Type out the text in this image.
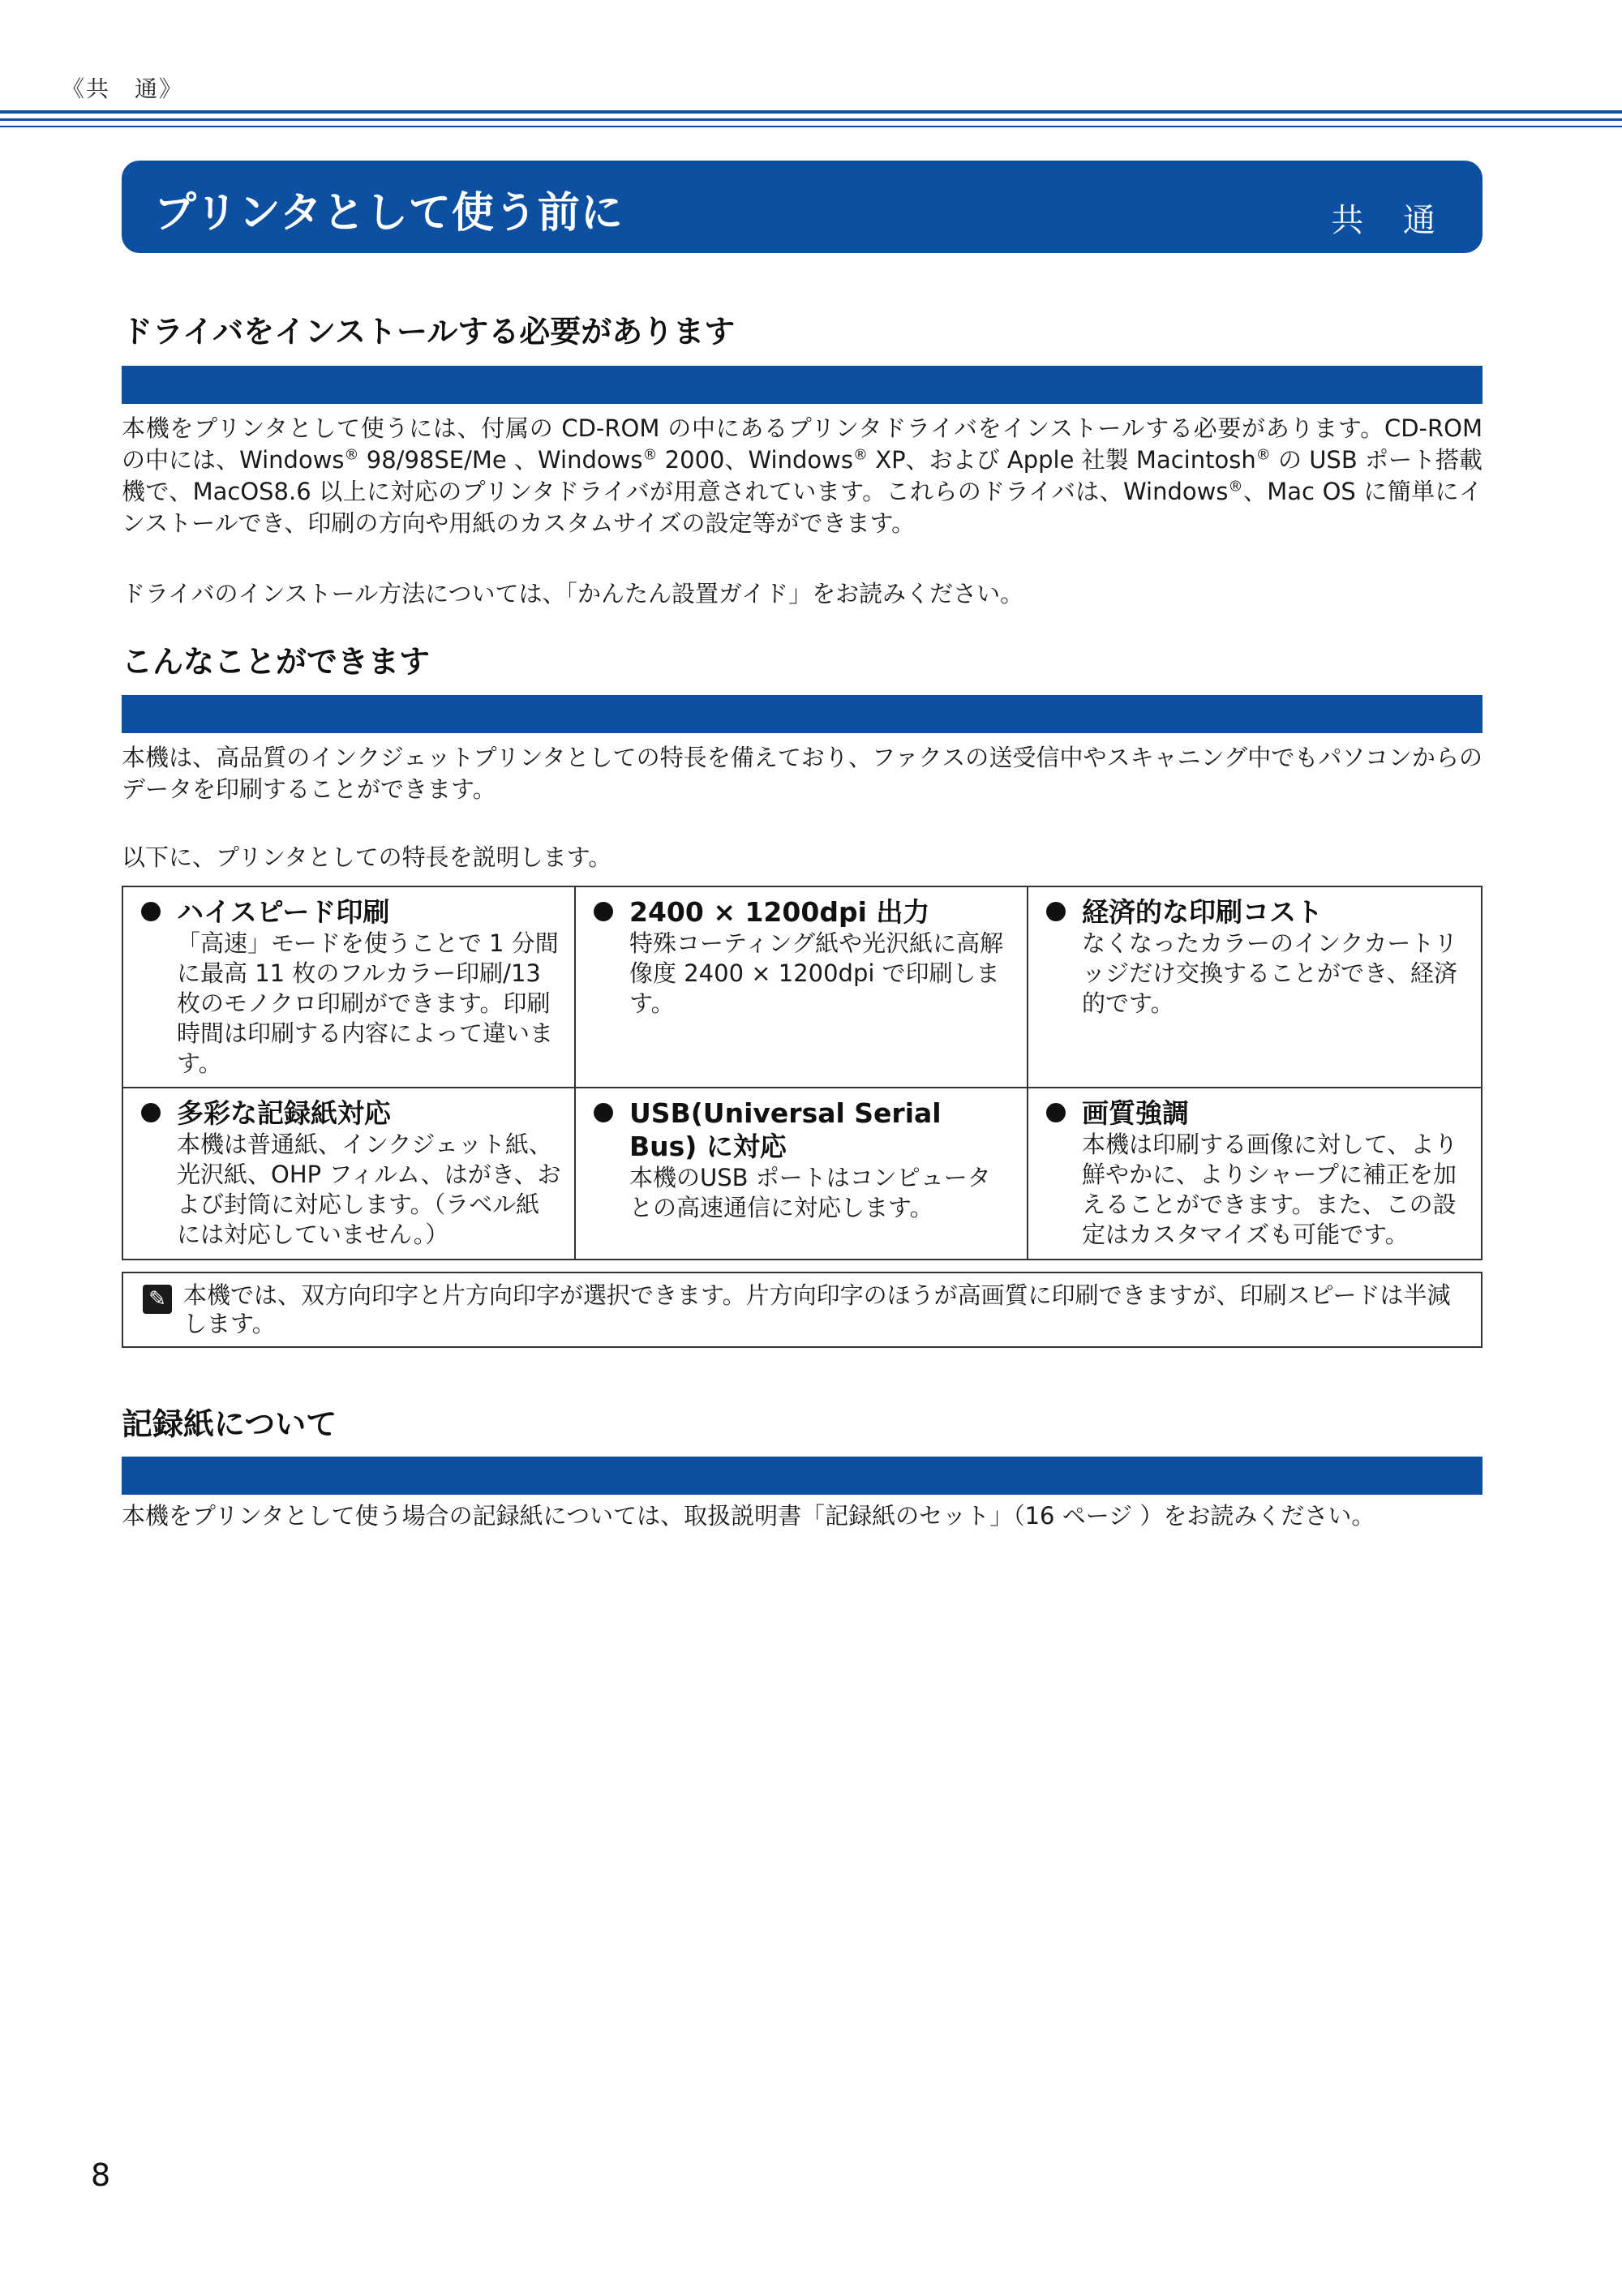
《共　通》
プリンタとして使う前に	共 通
ドライバをインストールする必要があります

本機をプリンタとして使うには、付属の CD-ROM の中にあるプリンタドライバをインストールする必要があります。CD-ROM の中には、Windows® 98/98SE/Me 、Windows® 2000、Windows® XP、および Apple 社製 Macintosh® の USB ポート搭載機で、MacOS8.6 以上に対応のプリンタドライバが用意されています。これらのドライバは、Windows®、Mac OS に簡単にインストールでき、印刷の方向や用紙のカスタムサイズの設定等ができます。

ドライバのインストール方法については、「かんたん設置ガイド」をお読みください。
こんなことができます
本機は、高品質のインクジェットプリンタとしての特長を備えており、ファクスの送受信中やスキャニング中でもパソコンからのデータを印刷することができます。
以下に、プリンタとしての特長を説明します。
ハイスピード印刷
「高速」モードを使うことで 1 分間に最高 11 枚のフルカラー印刷/13 枚のモノクロ印刷ができます。印刷時間は印刷する内容によって違います。
2400 × 1200dpi 出力
特殊コーティング紙や光沢紙に高解像度 2400 × 1200dpi で印刷します。
経済的な印刷コスト
なくなったカラーのインクカートリッジだけ交換することができ、経済的です。
多彩な記録紙対応
本機は普通紙、インクジェット紙、光沢紙、OHP フィルム、はがき、および封筒に対応します。（ラベル紙には対応していません。）
USB(Universal Serial Bus) に対応
本機のUSB ポートはコンピュータとの高速通信に対応します。
画質強調
本機は印刷する画像に対して、より鮮やかに、よりシャープに補正を加えることができます。また、この設定はカスタマイズも可能です。
✎ 本機では、双方向印字と片方向印字が選択できます。片方向印字のほうが高画質に印刷できますが、印刷スピードは半減します。
記録紙について
本機をプリンタとして使う場合の記録紙については、取扱説明書「記録紙のセット」（16 ページ ）をお読みください。
8
